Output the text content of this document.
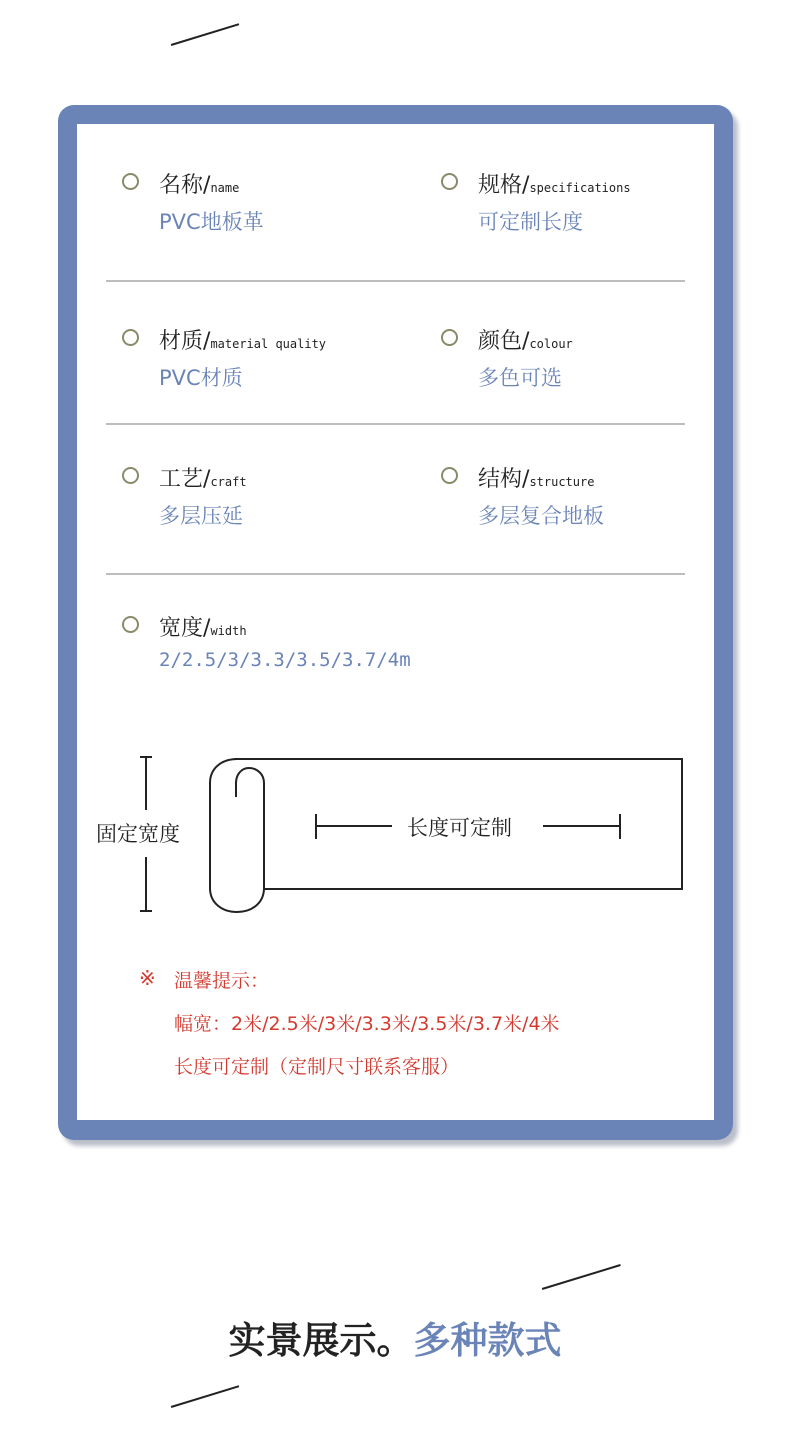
名称/name
PVC地板革
规格/specifications
可定制长度
材质/material quality
PVC材质
颜色/colour
多色可选
工艺/craft
多层压延
结构/structure
多层复合地板
宽度/width
2/2.5/3/3.3/3.5/3.7/4m
固定宽度	长度可定制
※ 温馨提示：
幅宽：2米/2.5米/3米/3.3米/3.5米/3.7米/4米
长度可定制（定制尺寸联系客服）
实景展示。多种款式
